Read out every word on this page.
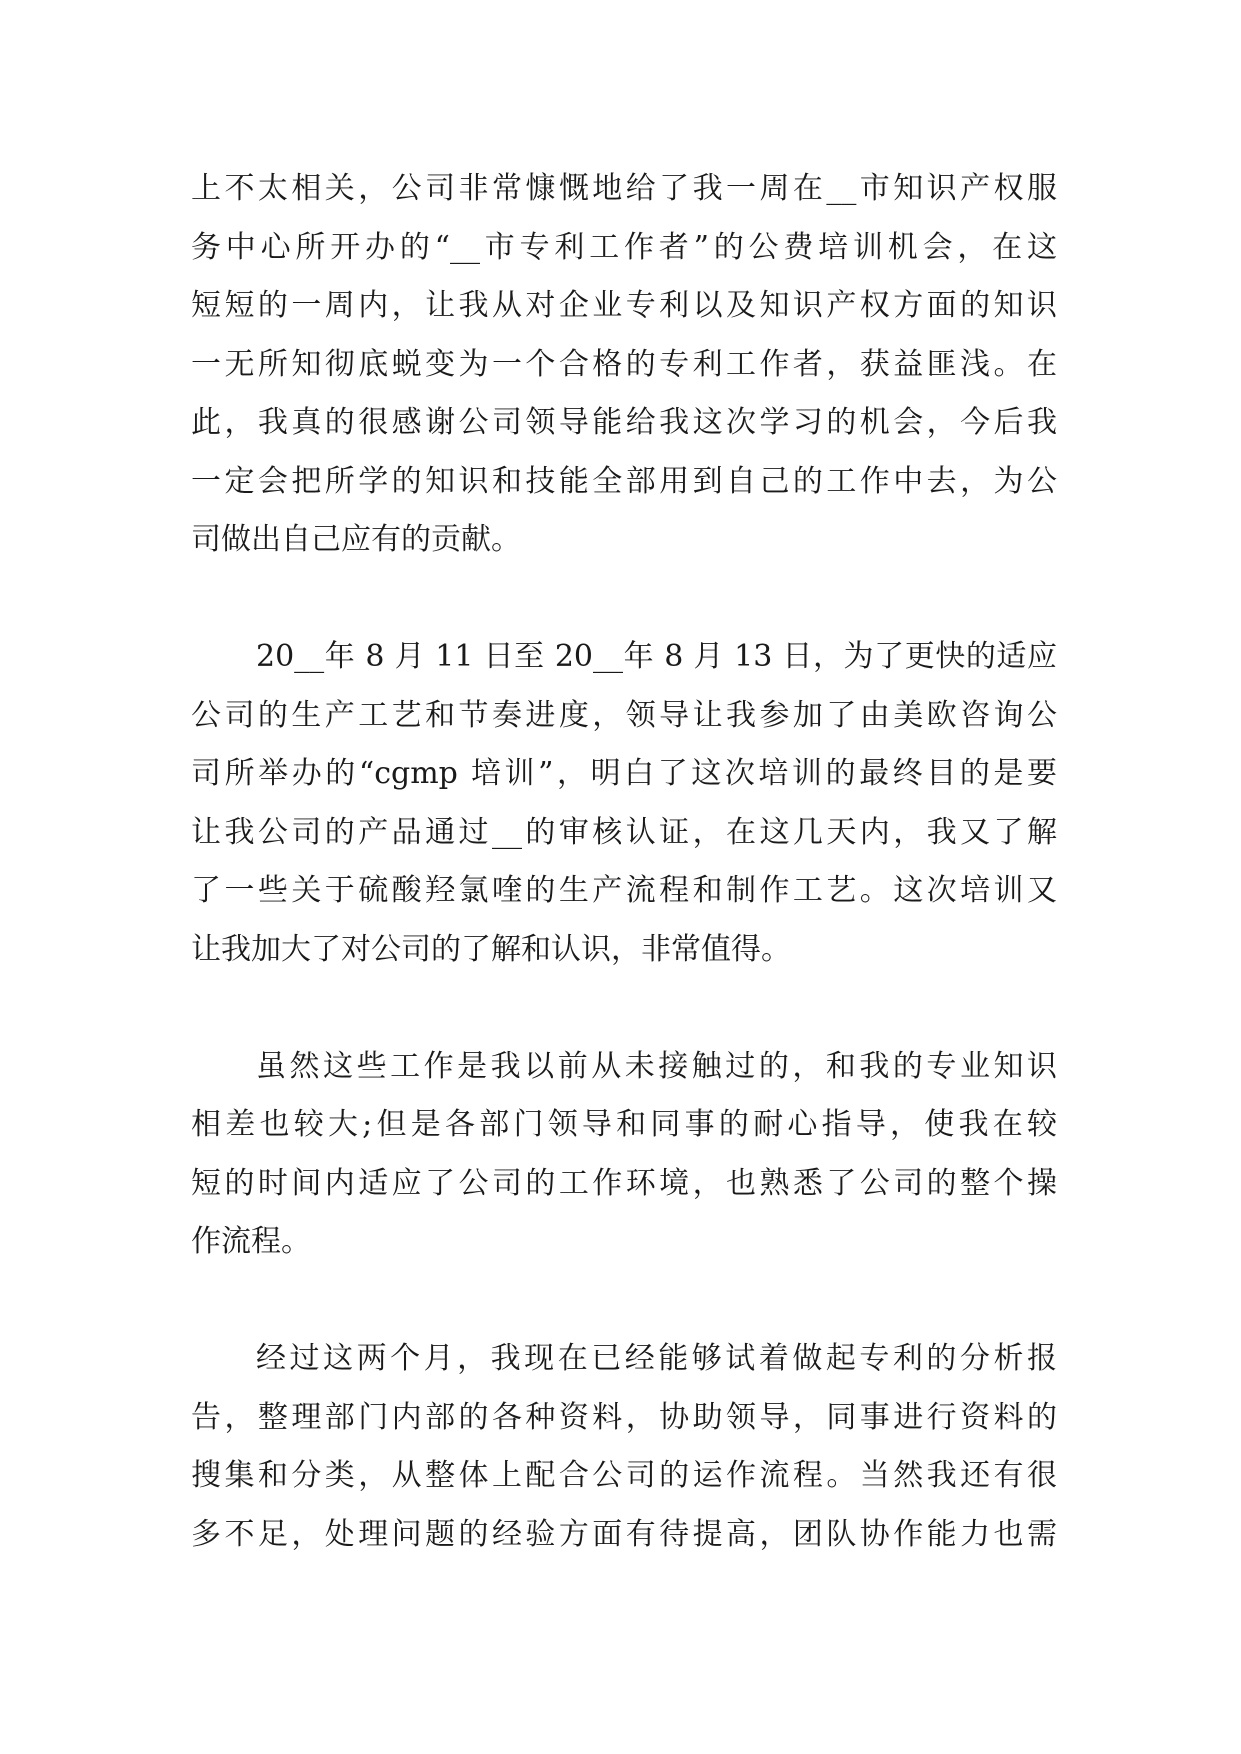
上不太相关，公司非常慷慨地给了我一周在__市知识产权服
务中心所开办的“__市专利工作者”的公费培训机会，在这
短短的一周内，让我从对企业专利以及知识产权方面的知识
一无所知彻底蜕变为一个合格的专利工作者，获益匪浅。在
此，我真的很感谢公司领导能给我这次学习的机会，今后我
一定会把所学的知识和技能全部用到自己的工作中去，为公
司做出自己应有的贡献。
20__年 8 月 11 日至 20__年 8 月 13 日，为了更快的适应
公司的生产工艺和节奏进度，领导让我参加了由美欧咨询公
司所举办的“cgmp 培训”，明白了这次培训的最终目的是要
让我公司的产品通过__的审核认证，在这几天内，我又了解
了一些关于硫酸羟氯喹的生产流程和制作工艺。这次培训又
让我加大了对公司的了解和认识，非常值得。
虽然这些工作是我以前从未接触过的，和我的专业知识
相差也较大;但是各部门领导和同事的耐心指导，使我在较
短的时间内适应了公司的工作环境，也熟悉了公司的整个操
作流程。
经过这两个月，我现在已经能够试着做起专利的分析报
告，整理部门内部的各种资料，协助领导，同事进行资料的
搜集和分类，从整体上配合公司的运作流程。当然我还有很
多不足，处理问题的经验方面有待提高，团队协作能力也需
